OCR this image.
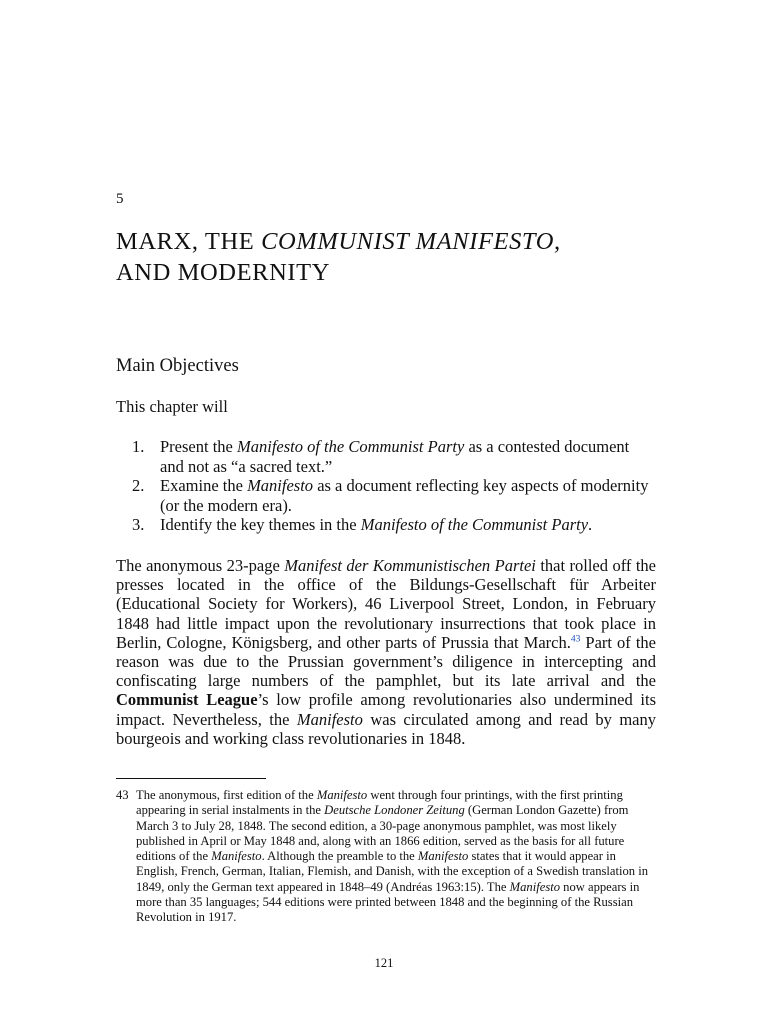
5
MARX, THE COMMUNIST MANIFESTO,
AND MODERNITY
Main Objectives
This chapter will
1. Present the Manifesto of the Communist Party as a contested document and not as “a sacred text.”
2. Examine the Manifesto as a document reflecting key aspects of modernity (or the modern era).
3. Identify the key themes in the Manifesto of the Communist Party.

The anonymous 23-page Manifest der Kommunistischen Partei that rolled off the presses located in the office of the Bildungs-Gesellschaft für Arbeiter (Educational Society for Workers), 46 Liverpool Street, London, in February 1848 had little impact upon the revolutionary insurrections that took place in Berlin, Cologne, Königsberg, and other parts of Prussia that March.$^{43}$ Part of the reason was due to the Prussian government’s diligence in intercepting and confiscating large numbers of the pamphlet, but its late arrival and the Communist League’s low profile among revolutionaries also undermined its impact. Nevertheless, the Manifesto was circulated among and read by many bourgeois and working class revolutionaries in 1848.

43 The anonymous, first edition of the Manifesto went through four printings, with the first printing appearing in serial instalments in the Deutsche Londoner Zeitung (German London Gazette) from March 3 to July 28, 1848. The second edition, a 30-page anonymous pamphlet, was most likely published in April or May 1848 and, along with an 1866 edition, served as the basis for all future editions of the Manifesto. Although the preamble to the Manifesto states that it would appear in English, French, German, Italian, Flemish, and Danish, with the exception of a Swedish translation in 1849, only the German text appeared in 1848–49 (Andréas 1963:15). The Manifesto now appears in more than 35 languages; 544 editions were printed between 1848 and the beginning of the Russian Revolution in 1917.
121
